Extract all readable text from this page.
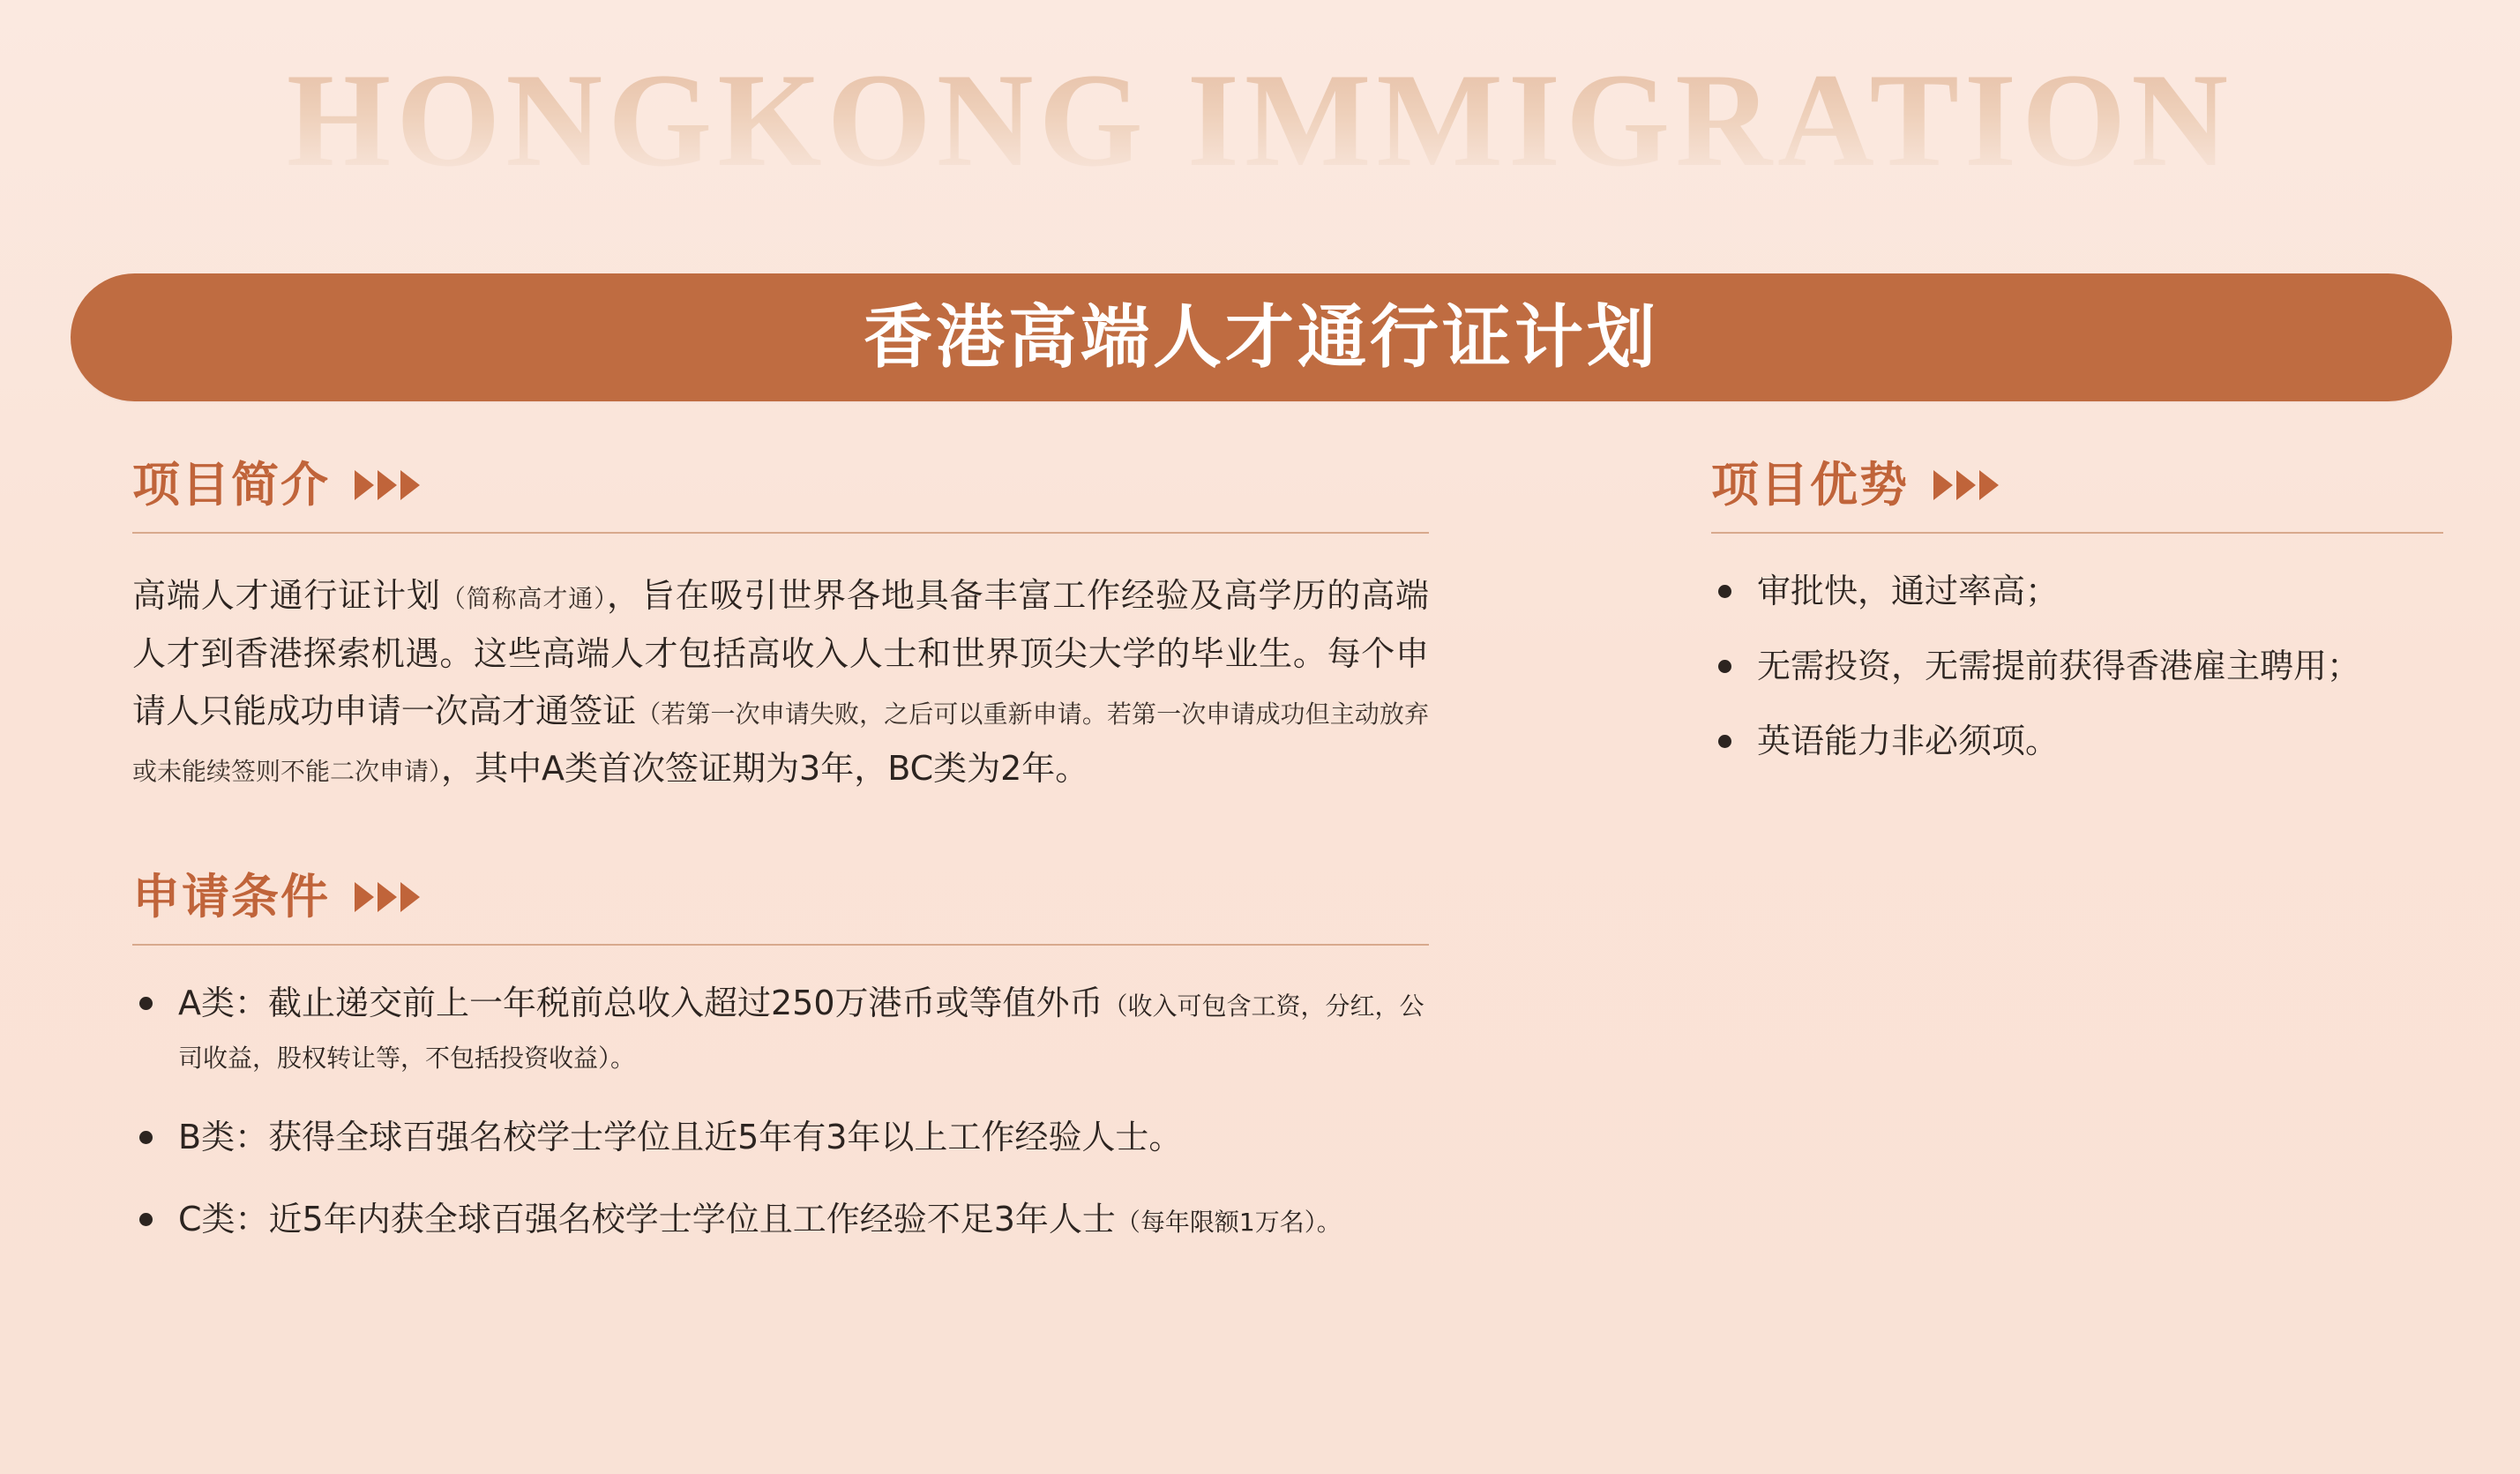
HONGKONG IMMIGRATION
香港高端人才通行证计划
项目简介

高端人才通行证计划（简称高才通），旨在吸引世界各地具备丰富工作经验及高学历的高端人才到香港探索机遇。这些高端人才包括高收入人士和世界顶尖大学的毕业生。每个申请人只能成功申请一次高才通签证（若第一次申请失败，之后可以重新申请。若第一次申请成功但主动放弃或未能续签则不能二次申请），其中A类首次签证期为3年，BC类为2年。

申请条件
A类：截止递交前上一年税前总收入超过250万港币或等值外币（收入可包含工资，分红，公司收益，股权转让等，不包括投资收益）。
B类：获得全球百强名校学士学位且近5年有3年以上工作经验人士。
C类：近5年内获全球百强名校学士学位且工作经验不足3年人士（每年限额1万名）。
项目优势
审批快，通过率高；
无需投资，无需提前获得香港雇主聘用；
英语能力非必须项。
